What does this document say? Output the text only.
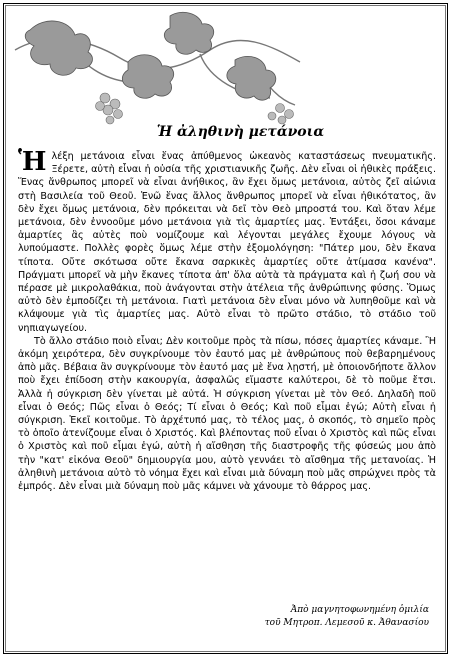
Ἡ ἀληθινὴ μετάνοια

Ἡλέξη μετάνοια εἶναι ἕνας ἀπύθμενος ὠκεανὸς καταστάσεως πνευματικῆς. Ξέρετε, αὐτὴ εἶναι ἡ οὐσία τῆς χριστιανικῆς ζωῆς. Δὲν εἶναι οἱ ἠθικὲς πράξεις. Ἕνας ἄνθρωπος μπορεῖ νὰ εἶναι ἀνήθικος, ἂν ἔχει ὅμως μετάνοια, αὐτὸς ζεῖ αἰώνια στὴ Βασιλεία τοῦ Θεοῦ. Ἐνῶ ἕνας ἄλλος ἄνθρωπος μπορεῖ νὰ εἶναι ἠθικότατος, ἂν δὲν ἔχει ὅμως μετάνοια, δὲν πρόκειται νὰ δεῖ τὸν Θεὸ μπροστά του. Καὶ ὅταν λέμε μετάνοια, δὲν ἐννοοῦμε μόνο μετάνοια γιὰ τὶς ἁμαρτίες μας. Ἐντάξει, ὅσοι κάναμε ἁμαρτίες ἂς αὐτὲς ποὺ νομίζουμε καὶ λέγονται μεγάλες ἔχουμε λόγους νὰ λυπούμαστε. Πολλὲς φορὲς ὅμως λέμε στὴν ἐξομολόγηση: "Πάτερ μου, δὲν ἔκανα τίποτα. Οὔτε σκότωσα οὔτε ἔκανα σαρκικὲς ἁμαρτίες οὔτε ἀτίμασα κανένα". Πράγματι μπορεῖ νὰ μὴν ἔκανες τίποτα ἀπ' ὅλα αὐτὰ τὰ πράγματα καὶ ἡ ζωή σου νὰ πέρασε μὲ μικρολαθάκια, ποὺ ἀνάγονται στὴν ἀτέλεια τῆς ἀνθρώπινης φύσης. Ὅμως αὐτὸ δὲν ἐμποδίζει τὴ μετάνοια. Γιατὶ μετάνοια δὲν εἶναι μόνο νὰ λυπηθοῦμε καὶ νὰ κλάψουμε γιὰ τὶς ἁμαρτίες μας. Αὐτὸ εἶναι τὸ πρῶτο στάδιο, τὸ στάδιο τοῦ νηπιαγωγείου.

Τὸ ἄλλο στάδιο ποιὸ εἶναι; Δὲν κοιτοῦμε πρὸς τὰ πίσω, πόσες ἁμαρτίες κάναμε. Ἢ ἀκόμη χειρότερα, δὲν συγκρίνουμε τὸν ἑαυτό μας μὲ ἀνθρώπους ποὺ θεβαρημένους ἀπὸ μᾶς. Βέβαια ἂν συγκρίνουμε τὸν ἑαυτό μας μὲ ἕνα λῃστή, μὲ ὁποιονδήποτε ἄλλον ποὺ ἔχει ἐπίδοση στὴν κακουργία, ἀσφαλῶς εἴμαστε καλύτεροι, δὲ τὸ ποῦμε ἔτσι. Ἀλλὰ ἡ σύγκριση δὲν γίνεται μὲ αὐτά. Ἡ σύγκριση γίνεται μὲ τὸν Θεό. Δηλαδὴ ποῦ εἶναι ὁ Θεός; Πῶς εἶναι ὁ Θεός; Τί εἶναι ὁ Θεός; Καὶ ποῦ εἶμαι ἐγώ; Αὐτὴ εἶναι ἡ σύγκριση. Ἐκεῖ κοιτοῦμε. Τὸ ἀρχέτυπό μας, τὸ τέλος μας, ὁ σκοπός, τὸ σημεῖο πρὸς τὸ ὁποῖο ἀτενίζουμε εἶναι ὁ Χριστός. Καὶ βλέποντας ποῦ εἶναι ὁ Χριστὸς καὶ πῶς εἶναι ὁ Χριστὸς καὶ ποῦ εἶμαι ἐγώ, αὐτὴ ἡ αἴσθηση τῆς διαστροφῆς τῆς φύσεώς μου ἀπὸ τὴν "κατ' εἰκόνα Θεοῦ" δημιουργία μου, αὐτὸ γεννάει τὸ αἴσθημα τῆς μετανοίας. Ἡ ἀληθινὴ μετάνοια αὐτὸ τὸ νόημα ἔχει καὶ εἶναι μιὰ δύναμη ποὺ μᾶς σπρώχνει πρὸς τὰ ἐμπρός. Δὲν εἶναι μιὰ δύναμη ποὺ μᾶς κάμνει νὰ χάνουμε τὸ θάρρος μας.

Ἀπὸ μαγνητοφωνημένη ὁμιλία
τοῦ Μητροπ. Λεμεσοῦ κ. Ἀθανασίου
